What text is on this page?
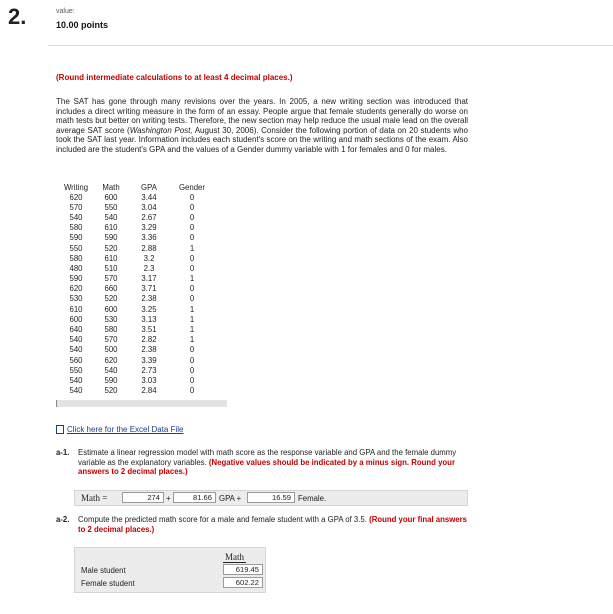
2.	value:
10.00 points
(Round intermediate calculations to at least 4 decimal places.)
The SAT has gone through many revisions over the years. In 2005, a new writing section was introduced that includes a direct writing measure in the form of an essay. People argue that female students generally do worse on math tests but better on writing tests. Therefore, the new section may help reduce the usual male lead on the overall average SAT score (Washington Post, August 30, 2006). Consider the following portion of data on 20 students who took the SAT last year. Information includes each student's score on the writing and math sections of the exam. Also included are the student's GPA and the values of a Gender dummy variable with 1 for females and 0 for males.
Writing	Math	GPA	Gender
620	600	3.44	0
570	550	3.04	0
540	540	2.67	0
580	610	3.29	0
590	590	3.36	0
550	520	2.88	1
580	610	3.2	0
480	510	2.3	0
590	570	3.17	1
620	660	3.71	0
530	520	2.38	0
610	600	3.25	1
600	530	3.13	1
640	580	3.51	1
540	570	2.82	1
540	500	2.38	0
560	620	3.39	0
550	540	2.73	0
540	590	3.03	0
540	520	2.84	0
Click here for the Excel Data File
a-1. Estimate a linear regression model with math score as the response variable and GPA and the female dummy variable as the explanatory variables. (Negative values should be indicated by a minus sign. Round your answers to 2 decimal places.)
Math =	274 +	81.66 GPA +	16.59 Female.
a-2. Compute the predicted math score for a male and female student with a GPA of 3.5. (Round your final answers to 2 decimal places.)
Math
Male student	619.45
Female student	602.22
